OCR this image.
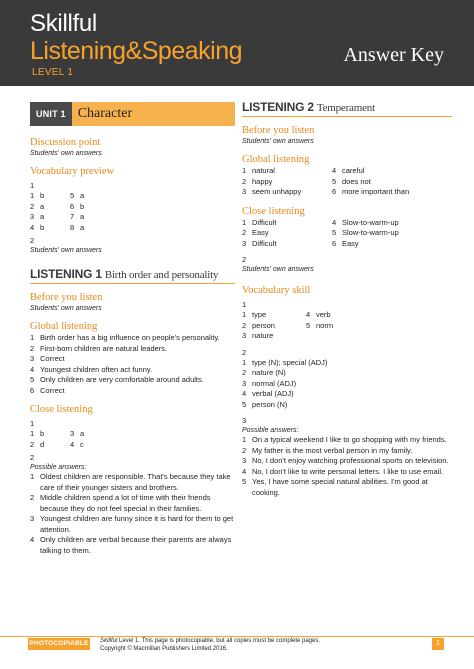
Skillful
Listening&Speaking
LEVEL 1
Answer Key
UNIT 1 Character
Discussion point
Students' own answers
Vocabulary preview
1
1 b	5 a
2 a	6 b
3 a	7 a
4 b	8 a
2
Students' own answers
LISTENING 1 Birth order and personality
Before you listen
Students' own answers
Global listening
1 Birth order has a big influence on people's personality.
2 First-born children are natural leaders.
3 Correct
4 Youngest children often act funny.
5 Only children are very comfortable around adults.
6 Correct
Close listening
1
1 b	3 a
2 d	4 c
2
Possible answers:
1 Oldest children are responsible. That's because they take care of their younger sisters and brothers.
2 Middle children spend a lot of time with their friends because they do not feel special in their families.
3 Youngest children are funny since it is hard for them to get attention.
4 Only children are verbal because their parents are always talking to them.
LISTENING 2 Temperament
Before you listen
Students' own answers
Global listening
1 natural	4 careful
2 happy	5 does not
3 seem unhappy	6 more important than
Close listening
1 Difficult	4 Slow-to-warm-up
2 Easy	5 Slow-to-warm-up
3 Difficult	6 Easy
2
Students' own answers
Vocabulary skill
1
1 type	4 verb
2 person	5 norm
3 nature
2
1 type (N); special (ADJ)
2 nature (N)
3 normal (ADJ)
4 verbal (ADJ)
5 person (N)
3
Possible answers:
1 On a typical weekend I like to go shopping with my friends.
2 My father is the most verbal person in my family.
3 No, I don't enjoy watching professional sports on television.
4 No, I don't like to write personal letters. I like to use email.
5 Yes, I have some special natural abilities. I'm good at cooking.
PHOTOCOPIABLE Skillful Level 1. This page is photocopiable, but all copies must be complete pages.
Copyright © Macmillan Publishers Limited 2016.
1
